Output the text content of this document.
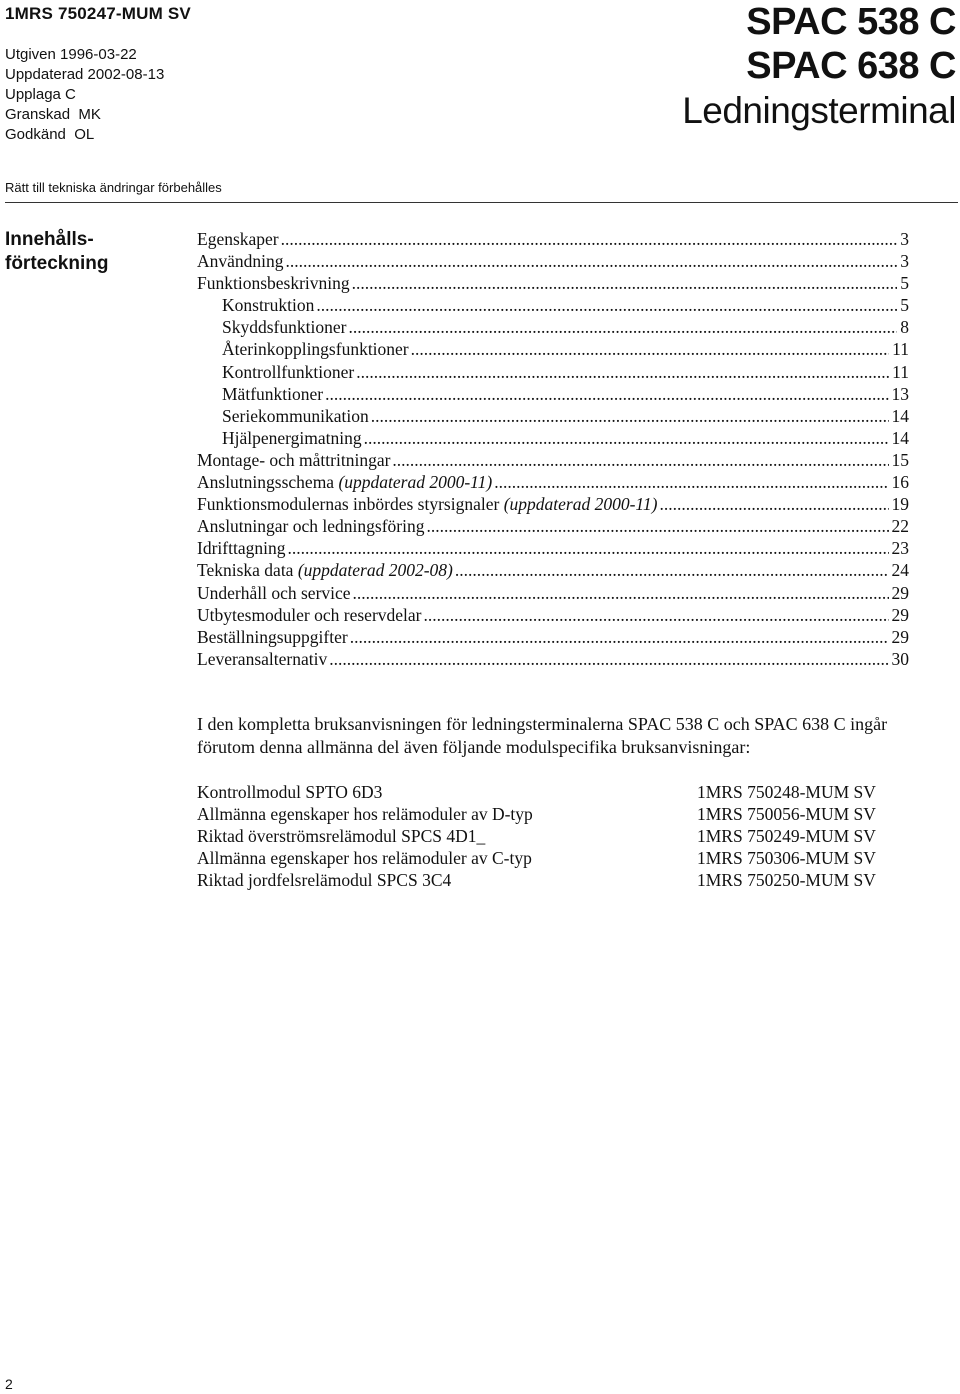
1MRS 750247-MUM SV
Utgiven 1996-03-22
Uppdaterad 2002-08-13
Upplaga C
Granskad  MK
Godkänd  OL
SPAC 538 C
SPAC 638 C
Ledningsterminal
Rätt till tekniska ändringar förbehålles
Innehålls-
förteckning
Egenskaper .....	3
Användning .....	3
Funktionsbeskrivning .....	5
Konstruktion .....	5
Skyddsfunktioner .....	8
Återinkopplingsfunktioner .....	11
Kontrollfunktioner .....	11
Mätfunktioner .....	13
Seriekommunikation .....	14
Hjälpenergimatning .....	14
Montage- och måttritningar .....	15
Anslutningsschema (uppdaterad 2000-11) .....	16
Funktionsmodulernas inbördes styrsignaler (uppdaterad 2000-11) .....	19
Anslutningar och ledningsföring .....	22
Idrifttagning .....	23
Tekniska data (uppdaterad 2002-08) .....	24
Underhåll och service .....	29
Utbytesmoduler och reservdelar .....	29
Beställningsuppgifter .....	29
Leveransalternativ .....	30
I den kompletta bruksanvisningen för ledningsterminalerna SPAC 538 C och SPAC 638 C ingår förutom denna allmänna del även följande modulspecifika bruksanvisningar:
Kontrollmodul SPTO 6D3	1MRS 750248-MUM SV
Allmänna egenskaper hos relämoduler av D-typ	1MRS 750056-MUM SV
Riktad överströmsrelämodul SPCS 4D1_	1MRS 750249-MUM SV
Allmänna egenskaper hos relämoduler av C-typ	1MRS 750306-MUM SV
Riktad jordfelsrelämodul SPCS 3C4	1MRS 750250-MUM SV
2
